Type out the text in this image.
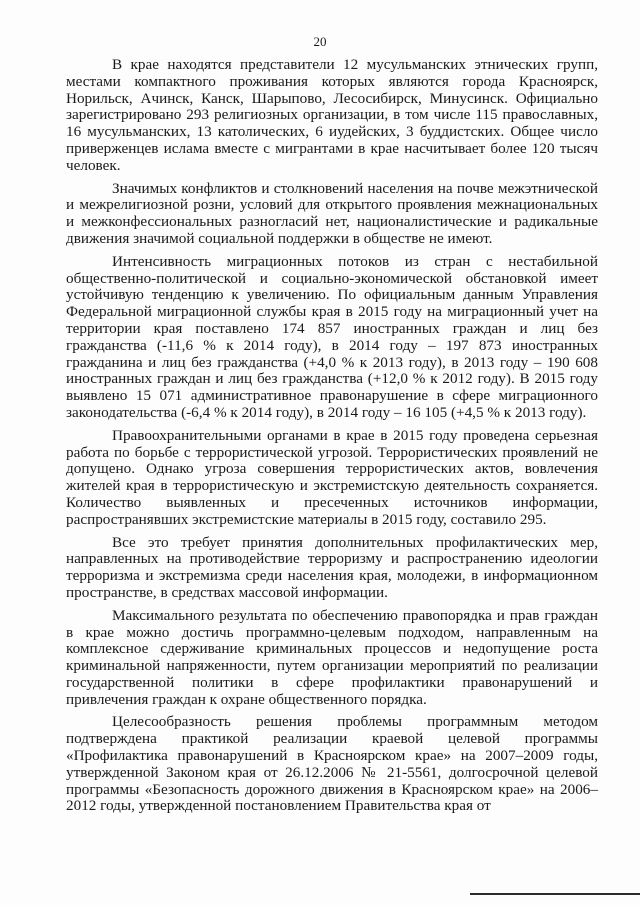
20

В крае находятся представители 12 мусульманских этнических групп, местами компактного проживания которых являются города Красноярск, Норильск, Ачинск, Канск, Шарыпово, Лесосибирск, Минусинск. Официально зарегистрировано 293 религиозных организации, в том числе 115 православных, 16 мусульманских, 13 католических, 6 иудейских, 3 буддистских. Общее число приверженцев ислама вместе с мигрантами в крае насчитывает более 120 тысяч человек.

Значимых конфликтов и столкновений населения на почве межэтнической и межрелигиозной розни, условий для открытого проявления межнациональных и межконфессиональных разногласий нет, националистические и радикальные движения значимой социальной поддержки в обществе не имеют.

Интенсивность миграционных потоков из стран с нестабильной общественно-политической и социально-экономической обстановкой имеет устойчивую тенденцию к увеличению. По официальным данным Управления Федеральной миграционной службы края в 2015 году на миграционный учет на территории края поставлено 174 857 иностранных граждан и лиц без гражданства (-11,6 % к 2014 году), в 2014 году – 197 873 иностранных гражданина и лиц без гражданства (+4,0 % к 2013 году), в 2013 году – 190 608 иностранных граждан и лиц без гражданства (+12,0 % к 2012 году). В 2015 году выявлено 15 071 административное правонарушение в сфере миграционного законодательства (-6,4 % к 2014 году), в 2014 году – 16 105 (+4,5 % к 2013 году).

Правоохранительными органами в крае в 2015 году проведена серьезная работа по борьбе с террористической угрозой. Террористических проявлений не допущено. Однако угроза совершения террористических актов, вовлечения жителей края в террористическую и экстремистскую деятельность сохраняется. Количество выявленных и пресеченных источников информации, распространявших экстремистские материалы в 2015 году, составило 295.

Все это требует принятия дополнительных профилактических мер, направленных на противодействие терроризму и распространению идеологии терроризма и экстремизма среди населения края, молодежи, в информационном пространстве, в средствах массовой информации.

Максимального результата по обеспечению правопорядка и прав граждан в крае можно достичь программно-целевым подходом, направленным на комплексное сдерживание криминальных процессов и недопущение роста криминальной напряженности, путем организации мероприятий по реализации государственной политики в сфере профилактики правонарушений и привлечения граждан к охране общественного порядка.

Целесообразность решения проблемы программным методом подтверждена практикой реализации краевой целевой программы «Профилактика правонарушений в Красноярском крае» на 2007–2009 годы, утвержденной Законом края от 26.12.2006 № 21-5561, долгосрочной целевой программы «Безопасность дорожного движения в Красноярском крае» на 2006–2012 годы, утвержденной постановлением Правительства края от
